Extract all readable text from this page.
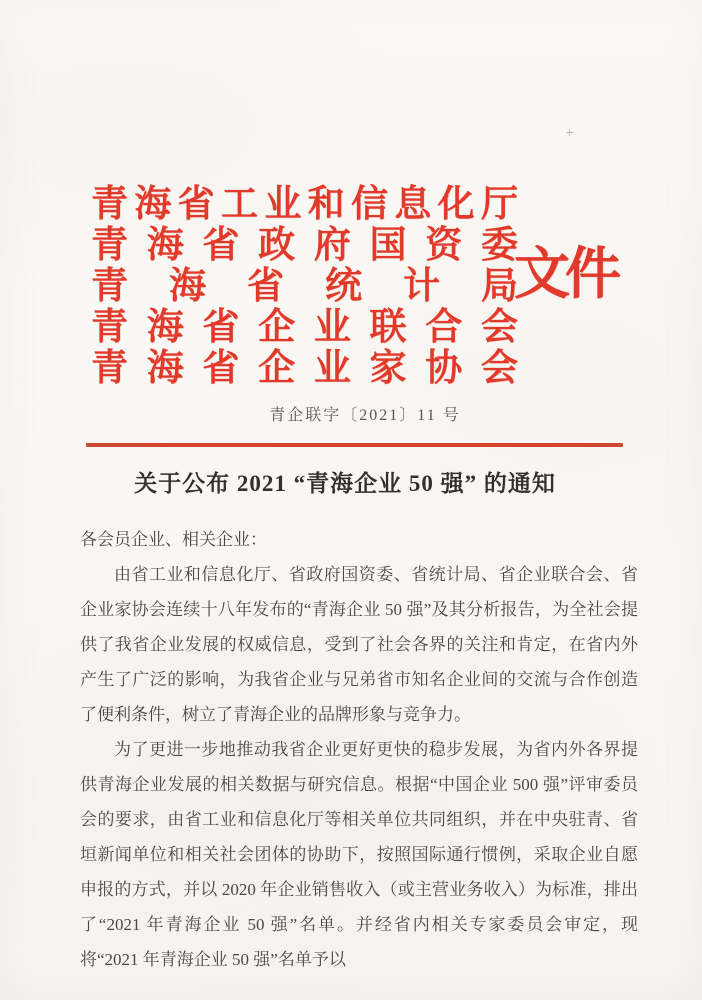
+
青 海 省 工 业 和 信 息 化 厅
青 海 省 政 府 国 资 委
青 海 省 统 计 局
青 海 省 企 业 联 合 会
青 海 省 企 业 家 协 会
文件
青企联字〔2021〕11 号
关于公布 2021 “青海企业 50 强” 的通知

各会员企业、相关企业：

由省工业和信息化厅、省政府国资委、省统计局、省企业联合会、省企业家协会连续十八年发布的“青海企业 50 强”及其分析报告，为全社会提供了我省企业发展的权威信息，受到了社会各界的关注和肯定，在省内外产生了广泛的影响，为我省企业与兄弟省市知名企业间的交流与合作创造了便利条件，树立了青海企业的品牌形象与竞争力。

为了更进一步地推动我省企业更好更快的稳步发展，为省内外各界提供青海企业发展的相关数据与研究信息。根据“中国企业 500 强”评审委员会的要求，由省工业和信息化厅等相关单位共同组织，并在中央驻青、省垣新闻单位和相关社会团体的协助下，按照国际通行惯例，采取企业自愿申报的方式，并以 2020 年企业销售收入（或主营业务收入）为标准，排出了“2021 年青海企业 50 强”名单。并经省内相关专家委员会审定，现将“2021 年青海企业 50 强”名单予以
